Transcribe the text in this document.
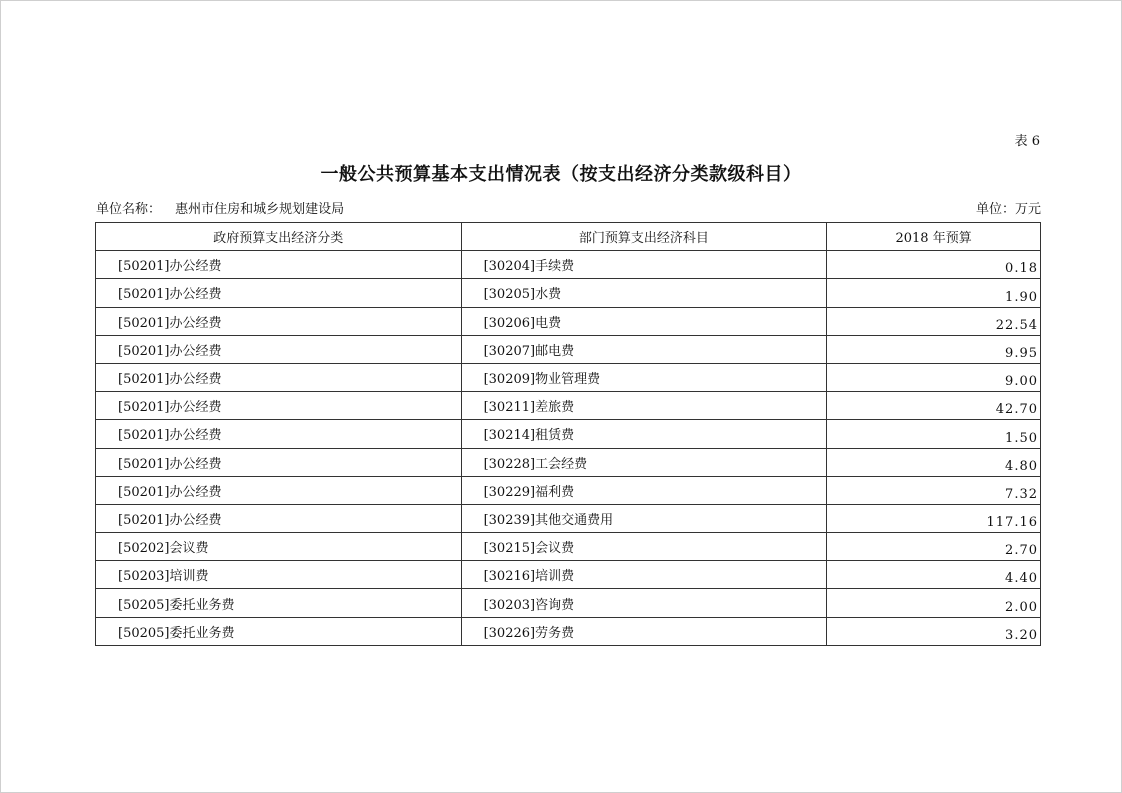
表 6
一般公共预算基本支出情况表（按支出经济分类款级科目）
单位名称： 惠州市住房和城乡规划建设局	单位：万元
政府预算支出经济分类	部门预算支出经济科目	2018 年预算
[50201]办公经费	[30204]手续费	0.18
[50201]办公经费	[30205]水费	1.90
[50201]办公经费	[30206]电费	22.54
[50201]办公经费	[30207]邮电费	9.95
[50201]办公经费	[30209]物业管理费	9.00
[50201]办公经费	[30211]差旅费	42.70
[50201]办公经费	[30214]租赁费	1.50
[50201]办公经费	[30228]工会经费	4.80
[50201]办公经费	[30229]福利费	7.32
[50201]办公经费	[30239]其他交通费用	117.16
[50202]会议费	[30215]会议费	2.70
[50203]培训费	[30216]培训费	4.40
[50205]委托业务费	[30203]咨询费	2.00
[50205]委托业务费	[30226]劳务费	3.20
